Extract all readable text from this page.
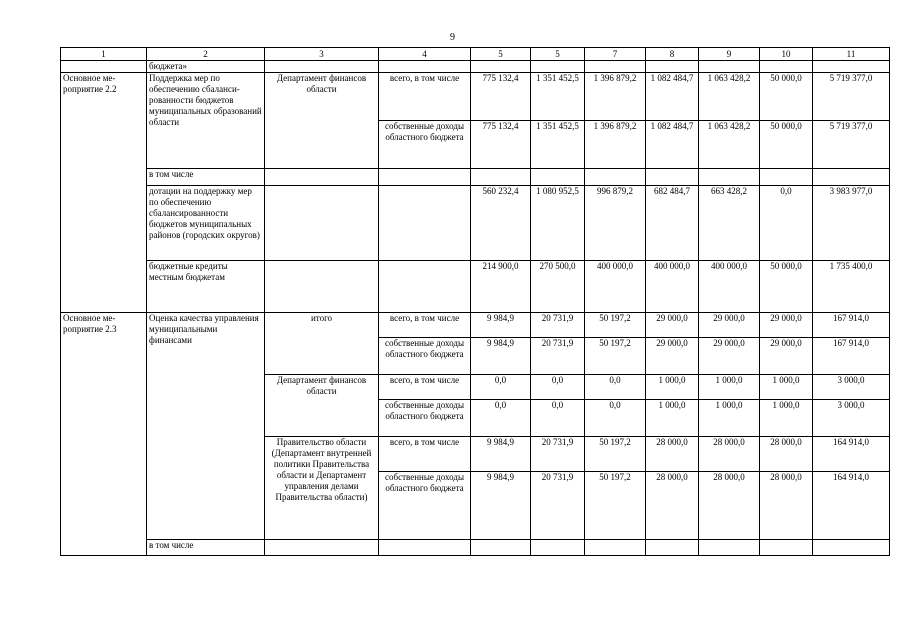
9
1	2	3	4	5	5	7	8	9	10	11
	бюджета»									
Основное мероприятие 2.2	Поддержка мер по обеспечению сбалансированности бюджетов муниципальных образований области	Департамент финансов области	всего, в том числе	775 132,4	1 351 452,5	1 396 879,2	1 082 484,7	1 063 428,2	50 000,0	5 719 377,0
			собственные доходы областного бюджета	775 132,4	1 351 452,5	1 396 879,2	1 082 484,7	1 063 428,2	50 000,0	5 719 377,0
	в том числе									
	дотации на поддержку мер по обеспечению сбалансированности бюджетов муниципальных районов (городских округов)			560 232,4	1 080 952,5	996 879,2	682 484,7	663 428,2	0,0	3 983 977,0
	бюджетные кредиты местным бюджетам			214 900,0	270 500,0	400 000,0	400 000,0	400 000,0	50 000,0	1 735 400,0
Основное мероприятие 2.3	Оценка качества управления муниципальными финансами	итого	всего, в том числе	9 984,9	20 731,9	50 197,2	29 000,0	29 000,0	29 000,0	167 914,0
			собственные доходы областного бюджета	9 984,9	20 731,9	50 197,2	29 000,0	29 000,0	29 000,0	167 914,0
		Департамент финансов области	всего, в том числе	0,0	0,0	0,0	1 000,0	1 000,0	1 000,0	3 000,0
			собственные доходы областного бюджета	0,0	0,0	0,0	1 000,0	1 000,0	1 000,0	3 000,0
		Правительство области (Департамент внутренней политики Правительства области и Департамент управления делами Правительства области)	всего, в том числе	9 984,9	20 731,9	50 197,2	28 000,0	28 000,0	28 000,0	164 914,0
			собственные доходы областного бюджета	9 984,9	20 731,9	50 197,2	28 000,0	28 000,0	28 000,0	164 914,0
	в том числе									
